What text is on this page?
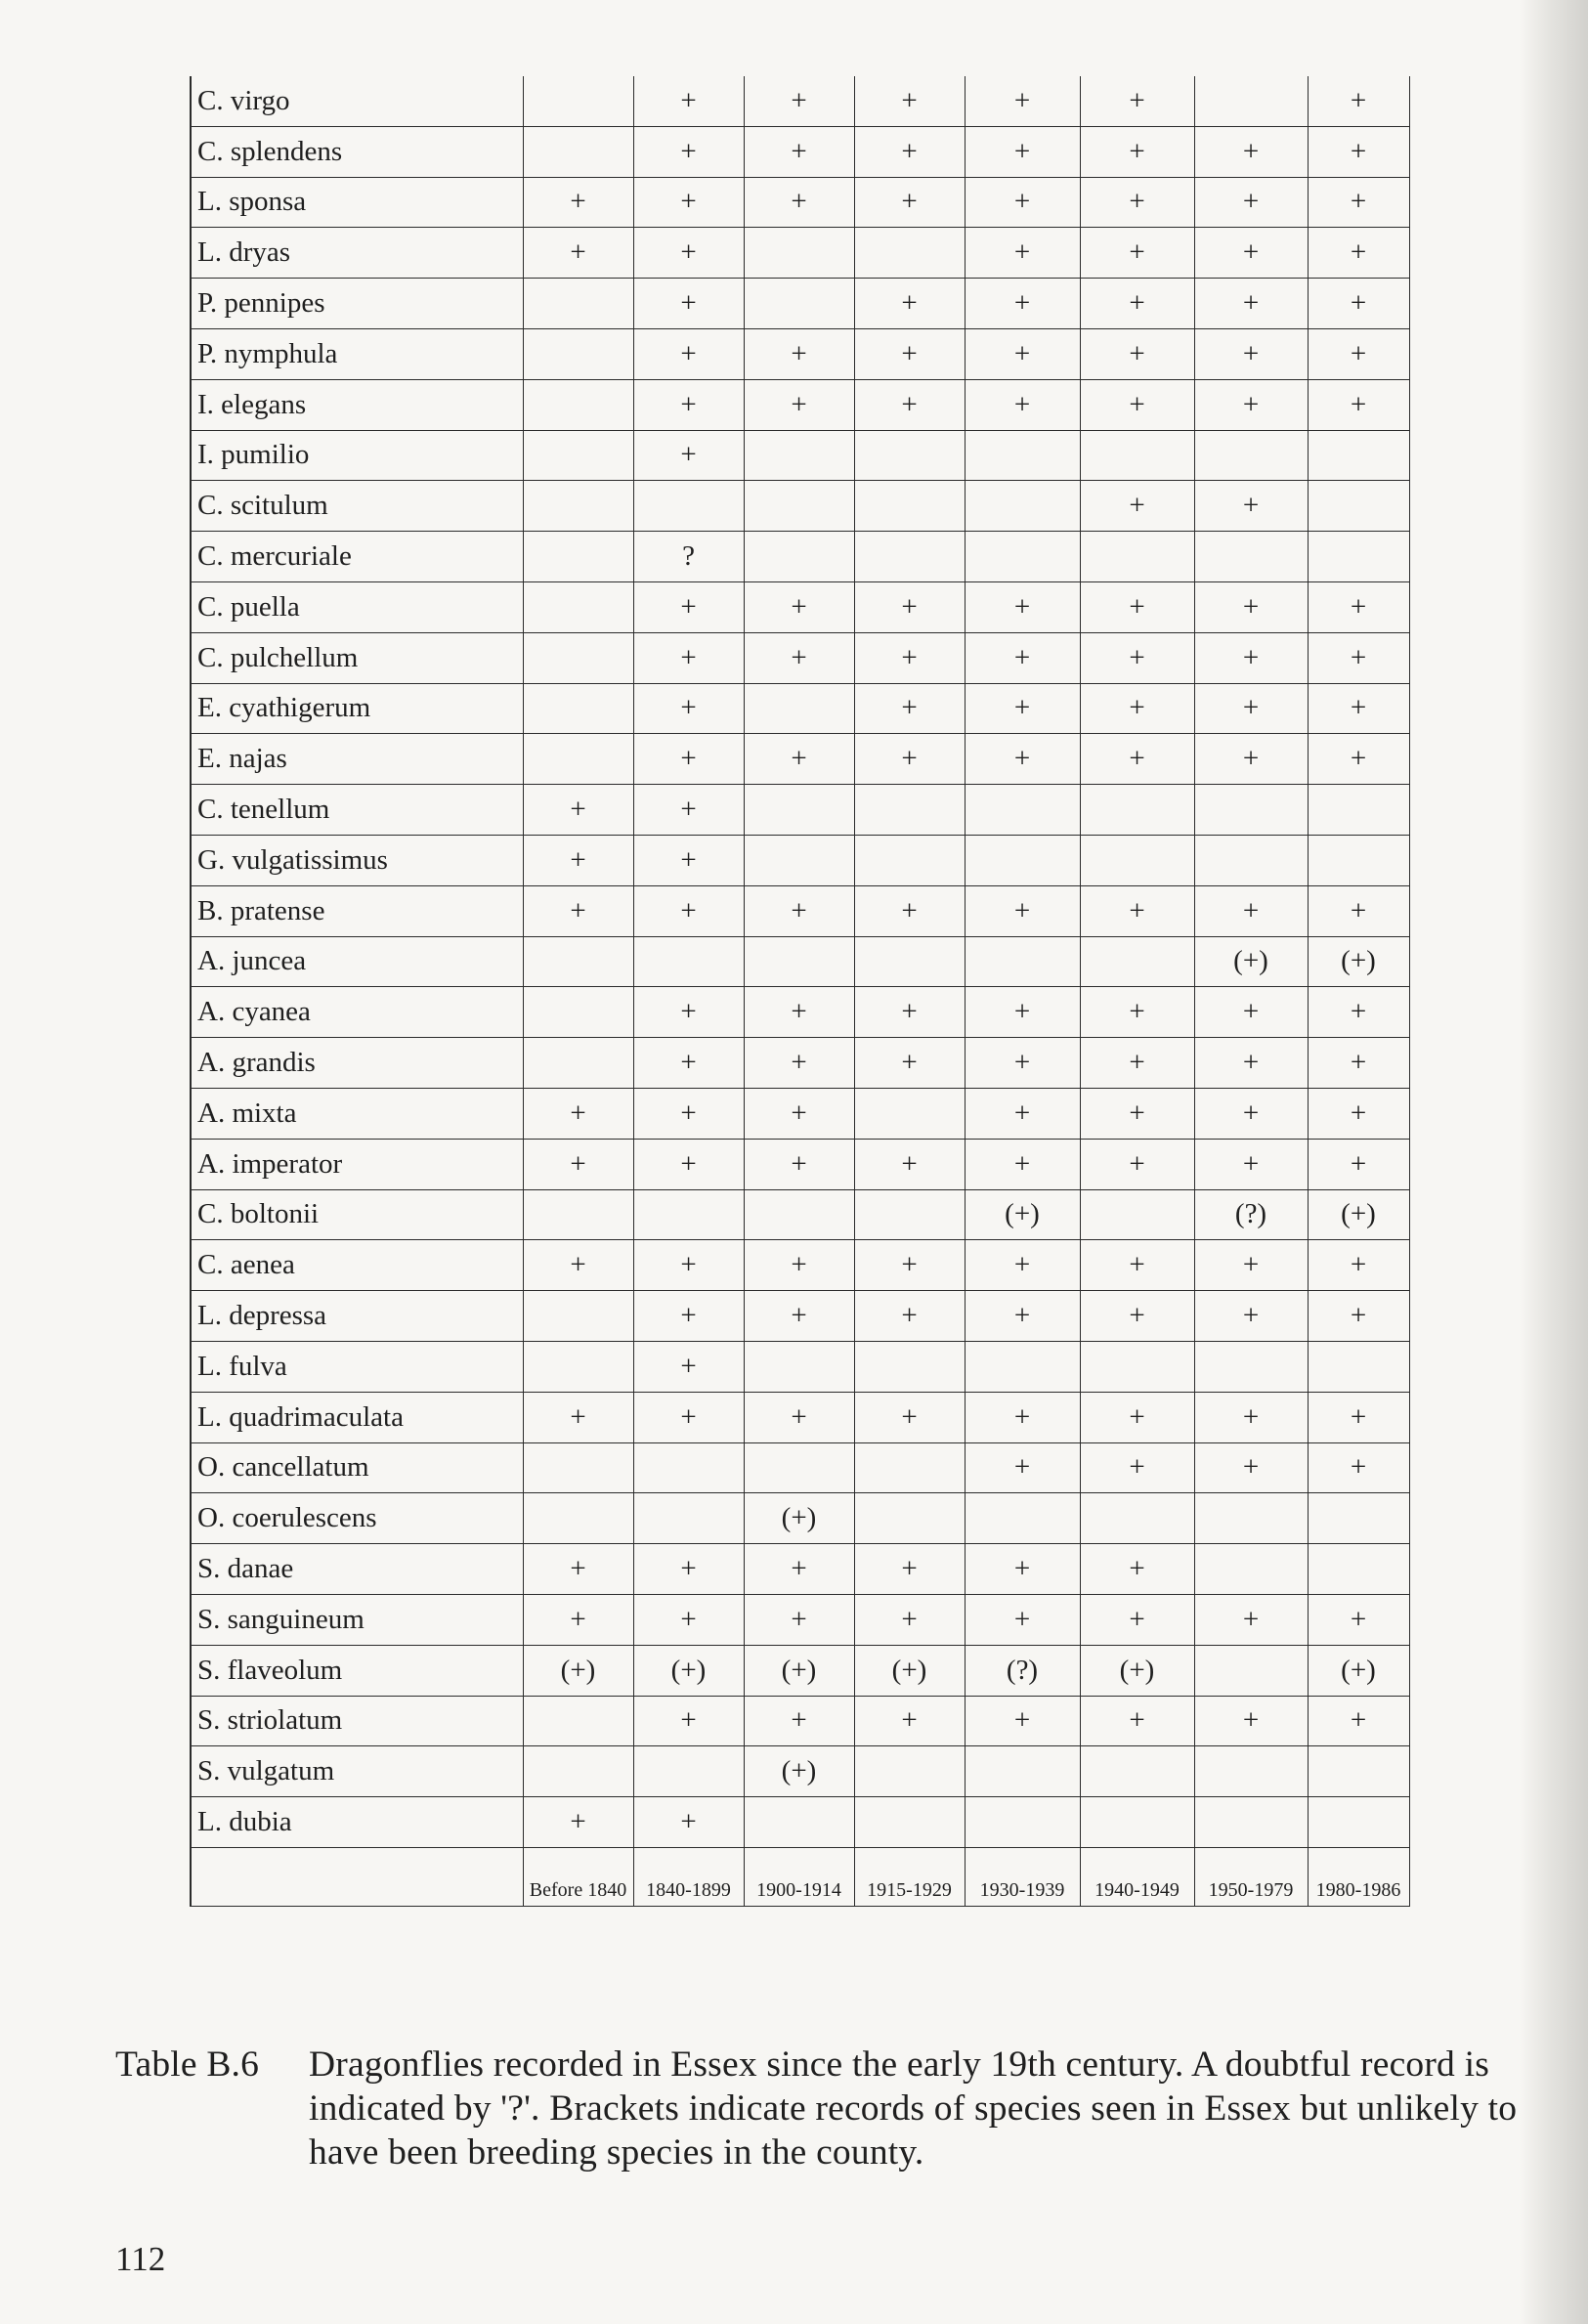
C. virgo		+	+	+	+	+		+
C. splendens		+	+	+	+	+	+	+
L. sponsa	+	+	+	+	+	+	+	+
L. dryas	+	+			+	+	+	+
P. pennipes		+		+	+	+	+	+
P. nymphula		+	+	+	+	+	+	+
I. elegans		+	+	+	+	+	+	+
I. pumilio		+						
C. scitulum						+	+	
C. mercuriale		?						
C. puella		+	+	+	+	+	+	+
C. pulchellum		+	+	+	+	+	+	+
E. cyathigerum		+		+	+	+	+	+
E. najas		+	+	+	+	+	+	+
C. tenellum	+	+						
G. vulgatissimus	+	+						
B. pratense	+	+	+	+	+	+	+	+
A. juncea							(+)	(+)
A. cyanea		+	+	+	+	+	+	+
A. grandis		+	+	+	+	+	+	+
A. mixta	+	+	+		+	+	+	+
A. imperator	+	+	+	+	+	+	+	+
C. boltonii					(+)		(?)	(+)
C. aenea	+	+	+	+	+	+	+	+
L. depressa		+	+	+	+	+	+	+
L. fulva		+						
L. quadrimaculata	+	+	+	+	+	+	+	+
O. cancellatum					+	+	+	+
O. coerulescens			(+)					
S. danae	+	+	+	+	+	+		
S. sanguineum	+	+	+	+	+	+	+	+
S. flaveolum	(+)	(+)	(+)	(+)	(?)	(+)		(+)
S. striolatum		+	+	+	+	+	+	+
S. vulgatum			(+)					
L. dubia	+	+						
	Before 1840	1840-1899	1900-1914	1915-1929	1930-1939	1940-1949	1950-1979	1980-1986
Table B.6 Dragonflies recorded in Essex since the early 19th century. A doubtful record is indicated by '?'. Brackets indicate records of species seen in Essex but unlikely to have been breeding species in the county.
112
